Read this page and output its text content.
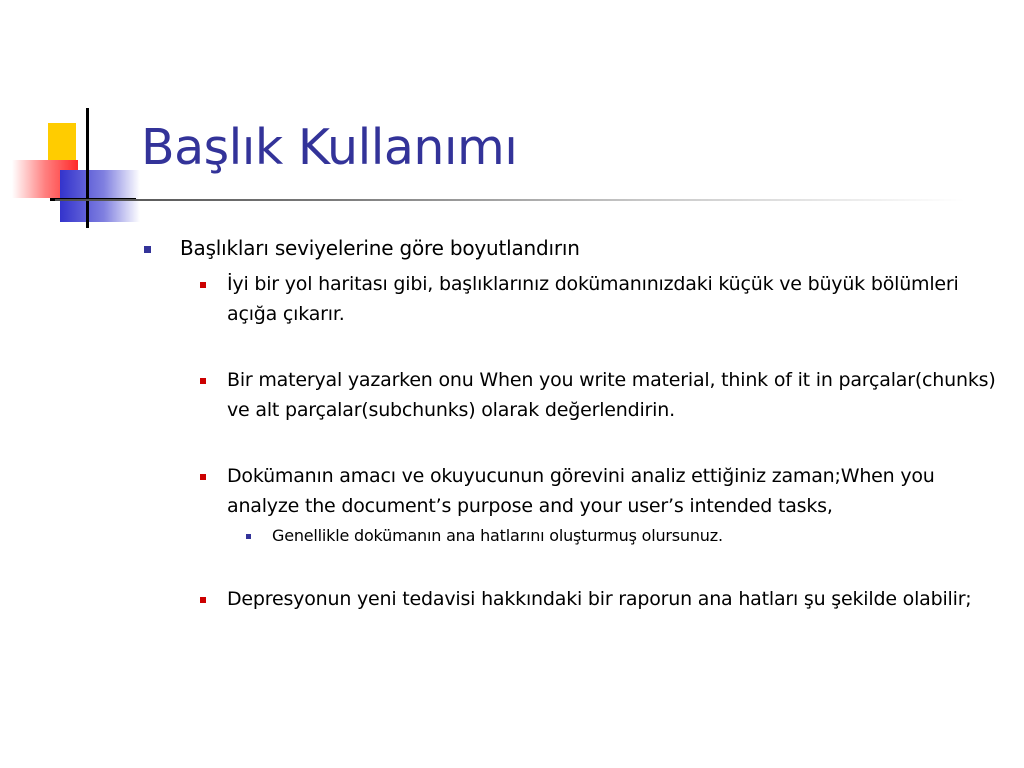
Başlık Kullanımı
Başlıkları seviyelerine göre boyutlandırın
İyi bir yol haritası gibi, başlıklarınız dokümanınızdaki küçük ve büyük bölümleri açığa çıkarır.
Bir materyal yazarken onu When you write material, think of it in parçalar(chunks) ve alt parçalar(subchunks) olarak değerlendirin.
Dokümanın amacı ve okuyucunun görevini analiz ettiğiniz zaman;When you analyze the document’s purpose and your user’s intended tasks,
Genellikle dokümanın ana hatlarını oluşturmuş olursunuz.
Depresyonun yeni tedavisi hakkındaki bir raporun ana hatları şu şekilde olabilir;
